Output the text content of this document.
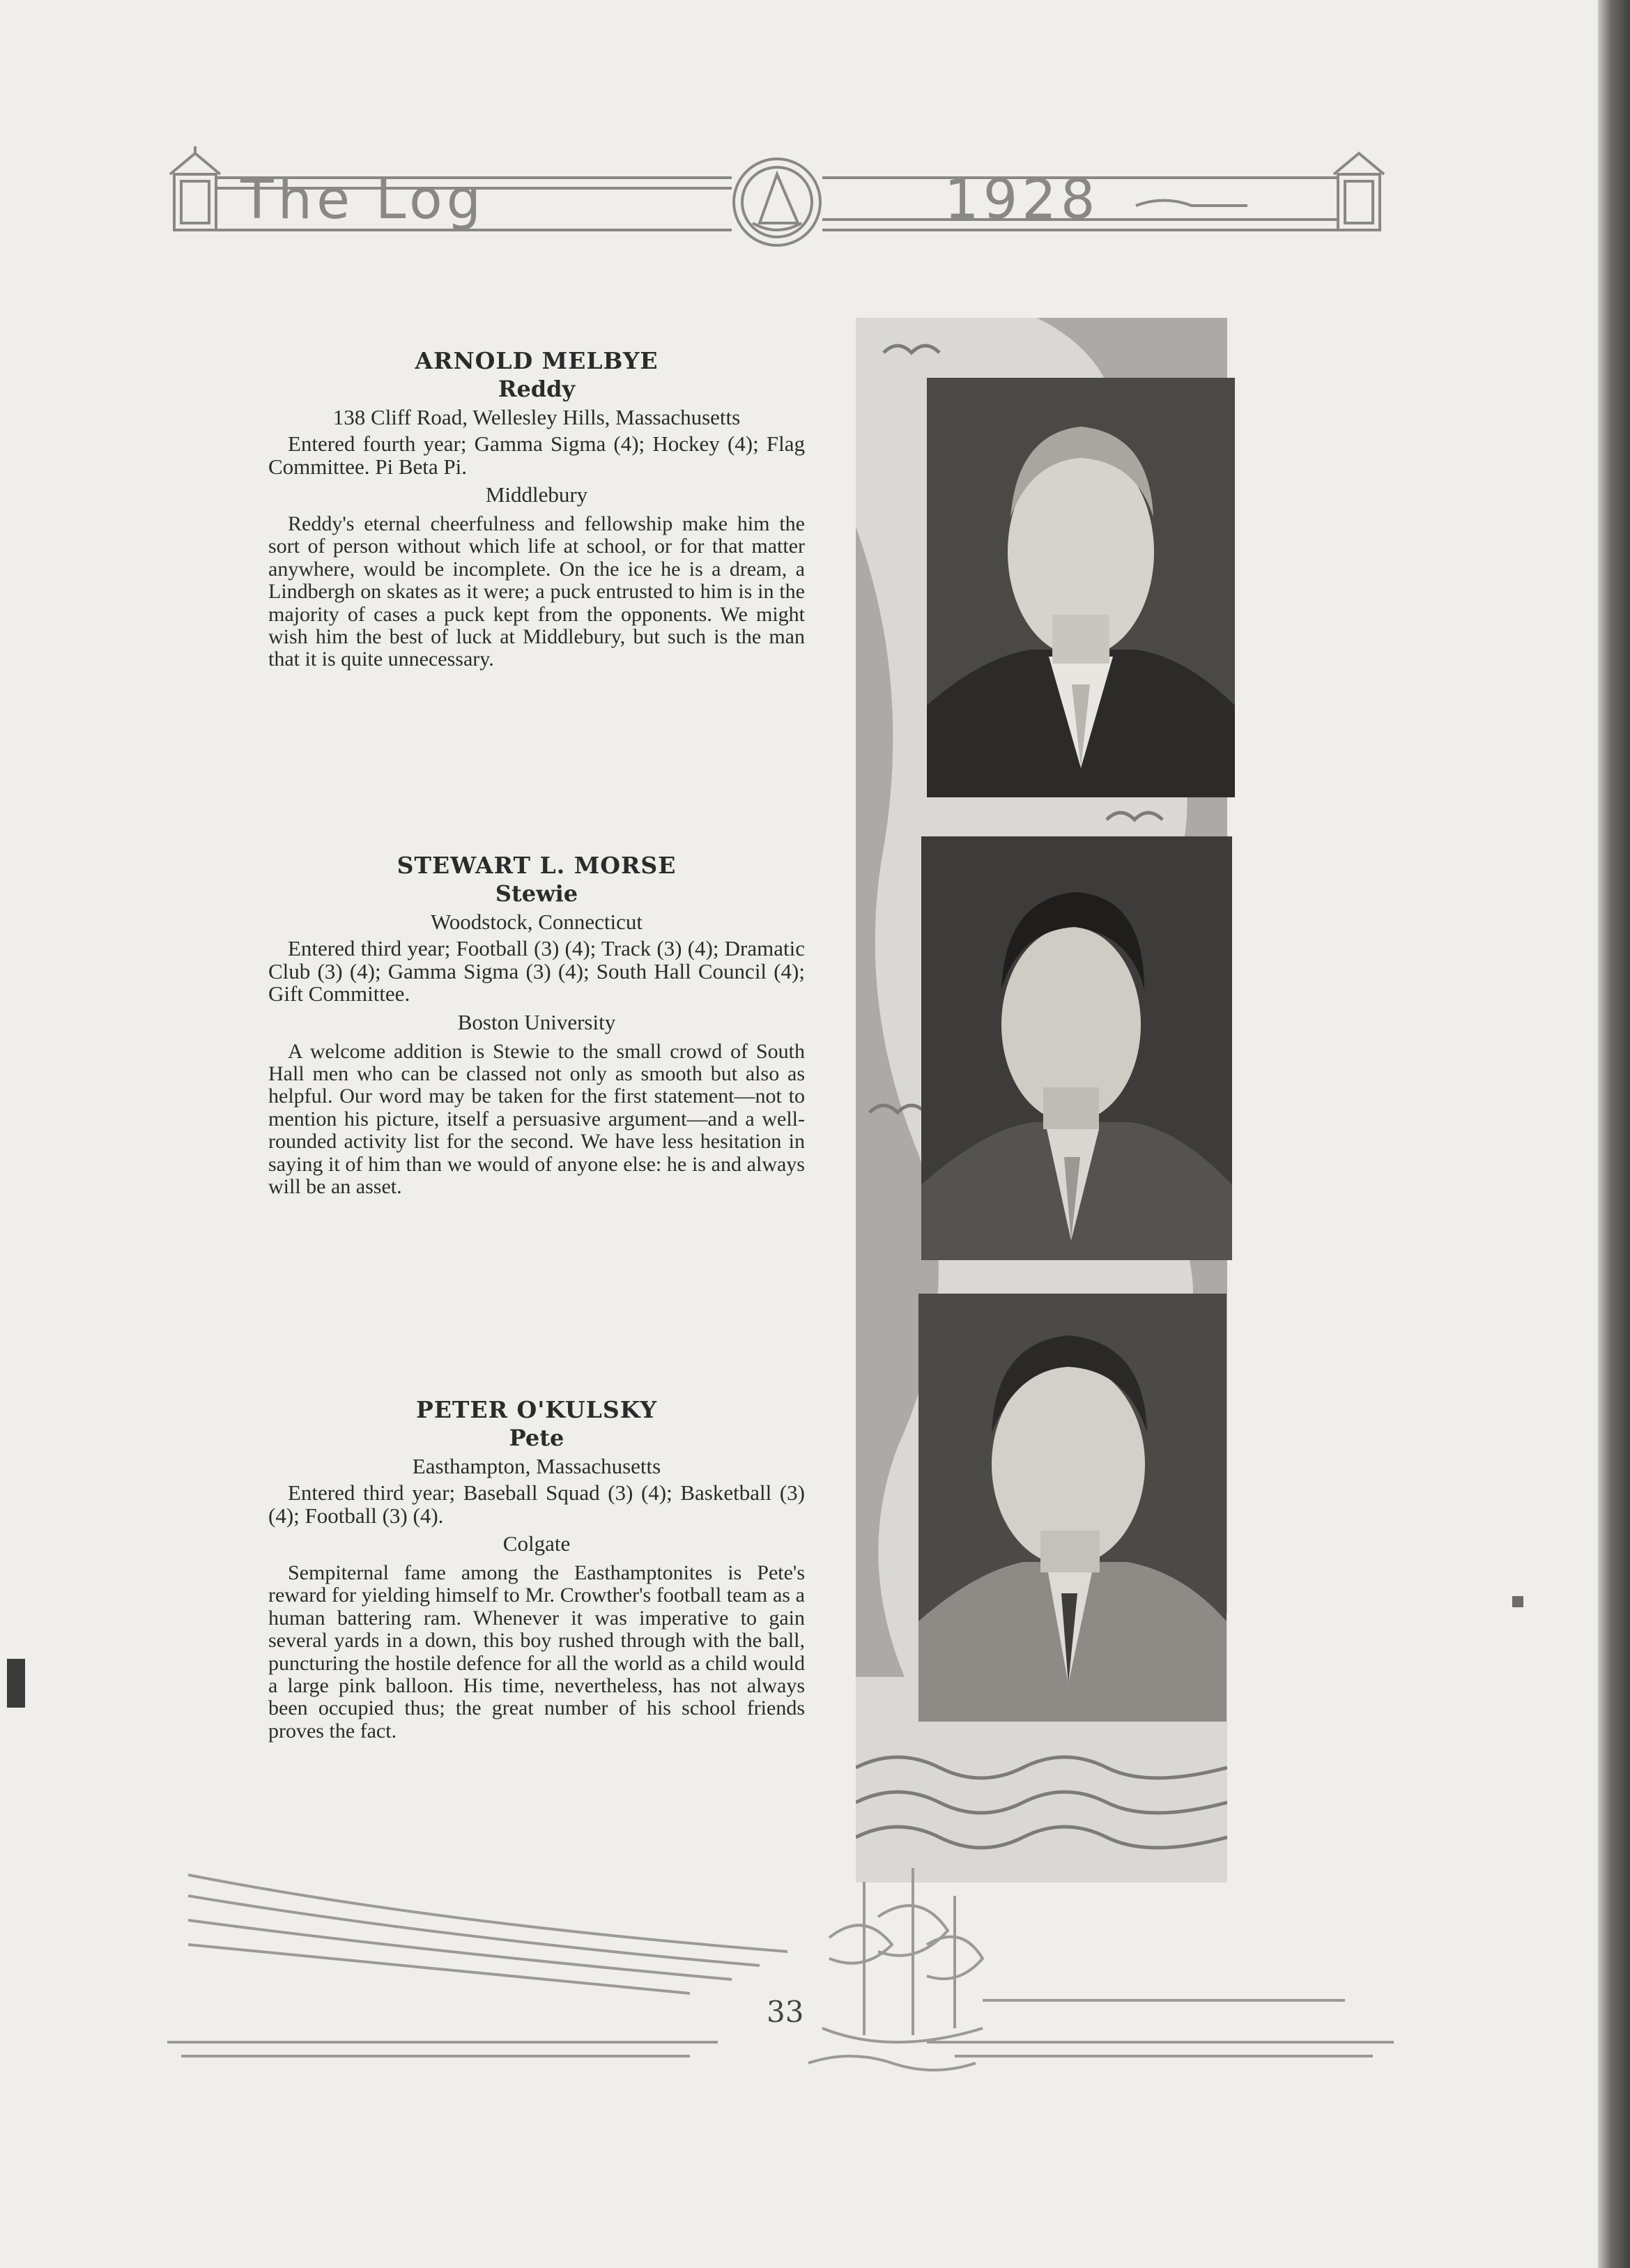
The Log	1928
ARNOLD MELBYE
Reddy
138 Cliff Road, Wellesley Hills, Massachusetts
Entered fourth year; Gamma Sigma (4); Hockey (4); Flag Committee. Pi Beta Pi.
Middlebury
Reddy's eternal cheerfulness and fellowship make him the sort of person without which life at school, or for that matter anywhere, would be incomplete. On the ice he is a dream, a Lindbergh on skates as it were; a puck entrusted to him is in the majority of cases a puck kept from the opponents. We might wish him the best of luck at Middlebury, but such is the man that it is quite unnecessary.
STEWART L. MORSE
Stewie
Woodstock, Connecticut
Entered third year; Football (3) (4); Track (3) (4); Dramatic Club (3) (4); Gamma Sigma (3) (4); South Hall Council (4); Gift Committee.
Boston University
A welcome addition is Stewie to the small crowd of South Hall men who can be classed not only as smooth but also as helpful. Our word may be taken for the first statement—not to mention his picture, itself a persuasive argument—and a well-rounded activity list for the second. We have less hesitation in saying it of him than we would of anyone else: he is and always will be an asset.
PETER O'KULSKY
Pete
Easthampton, Massachusetts
Entered third year; Baseball Squad (3) (4); Basketball (3) (4); Football (3) (4).
Colgate
Sempiternal fame among the Easthamptonites is Pete's reward for yielding himself to Mr. Crowther's football team as a human battering ram. Whenever it was imperative to gain several yards in a down, this boy rushed through with the ball, puncturing the hostile defence for all the world as a child would a large pink balloon. His time, nevertheless, has not always been occupied thus; the great number of his school friends proves the fact.
33
